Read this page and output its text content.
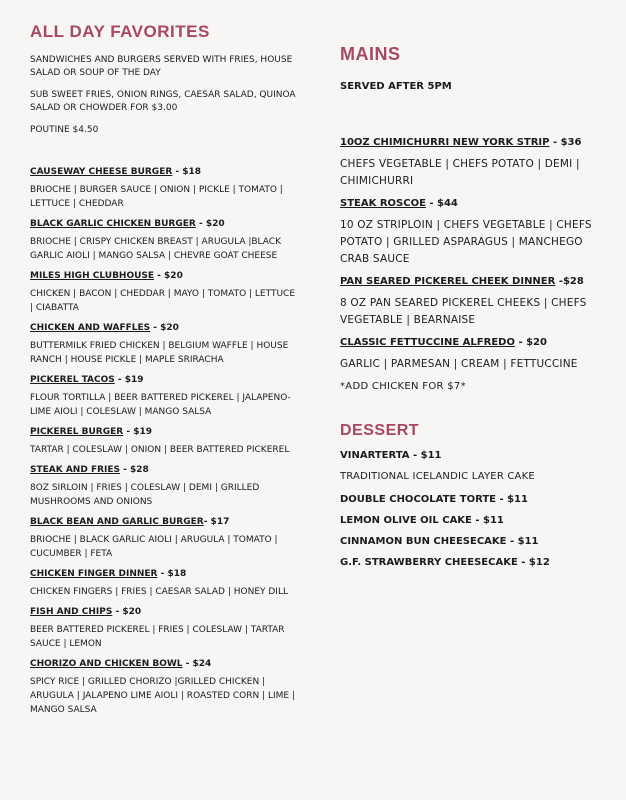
ALL DAY FAVORITES

SANDWICHES AND BURGERS SERVED WITH FRIES, HOUSE SALAD OR SOUP OF THE DAY

SUB SWEET FRIES, ONION RINGS, CAESAR SALAD, QUINOA SALAD OR CHOWDER FOR $3.00

POUTINE $4.50

CAUSEWAY CHEESE BURGER - $18

BRIOCHE | BURGER SAUCE | ONION | PICKLE | TOMATO | LETTUCE | CHEDDAR

BLACK GARLIC CHICKEN BURGER - $20

BRIOCHE | CRISPY CHICKEN BREAST | ARUGULA |BLACK GARLIC AIOLI | MANGO SALSA | CHEVRE GOAT CHEESE

MILES HIGH CLUBHOUSE - $20

CHICKEN | BACON | CHEDDAR | MAYO | TOMATO | LETTUCE | CIABATTA

CHICKEN AND WAFFLES - $20

BUTTERMILK FRIED CHICKEN | BELGIUM WAFFLE | HOUSE RANCH | HOUSE PICKLE | MAPLE SRIRACHA

PICKEREL TACOS - $19

FLOUR TORTILLA | BEER BATTERED PICKEREL | JALAPENO-LIME AIOLI | COLESLAW | MANGO SALSA

PICKEREL BURGER - $19

TARTAR | COLESLAW | ONION | BEER BATTERED PICKEREL

STEAK AND FRIES - $28

8OZ SIRLOIN | FRIES | COLESLAW | DEMI | GRILLED MUSHROOMS AND ONIONS

BLACK BEAN AND GARLIC BURGER- $17

BRIOCHE | BLACK GARLIC AIOLI | ARUGULA | TOMATO | CUCUMBER | FETA

CHICKEN FINGER DINNER - $18

CHICKEN FINGERS | FRIES | CAESAR SALAD | HONEY DILL

FISH AND CHIPS - $20

BEER BATTERED PICKEREL | FRIES | COLESLAW | TARTAR SAUCE | LEMON

CHORIZO AND CHICKEN BOWL - $24

SPICY RICE | GRILLED CHORIZO |GRILLED CHICKEN | ARUGULA | JALAPENO LIME AIOLI | ROASTED CORN | LIME | MANGO SALSA

MAINS

SERVED AFTER 5PM

10OZ CHIMICHURRI NEW YORK STRIP - $36

CHEFS VEGETABLE | CHEFS POTATO | DEMI | CHIMICHURRI

STEAK ROSCOE - $44

10 OZ STRIPLOIN | CHEFS VEGETABLE | CHEFS POTATO | GRILLED ASPARAGUS | MANCHEGO CRAB SAUCE

PAN SEARED PICKEREL CHEEK DINNER -$28

8 OZ PAN SEARED PICKEREL CHEEKS | CHEFS VEGETABLE | BEARNAISE

CLASSIC FETTUCCINE ALFREDO - $20

GARLIC | PARMESAN | CREAM | FETTUCCINE

*ADD CHICKEN FOR $7*

DESSERT

VINARTERTA - $11

TRADITIONAL ICELANDIC LAYER CAKE

DOUBLE CHOCOLATE TORTE - $11

LEMON OLIVE OIL CAKE - $11

CINNAMON BUN CHEESECAKE - $11

G.F. STRAWBERRY CHEESECAKE - $12
